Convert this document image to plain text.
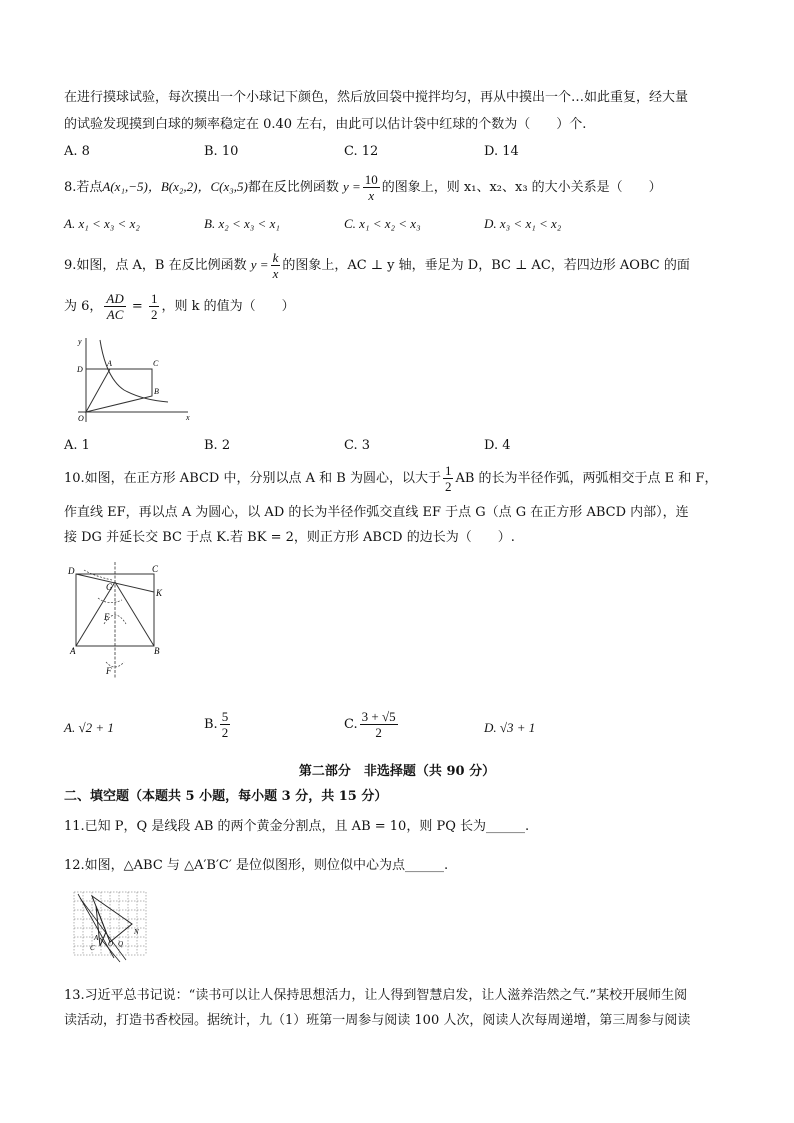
在进行摸球试验，每次摸出一个小球记下颜色，然后放回袋中搅拌均匀，再从中摸出一个…如此重复，经大量
的试验发现摸到白球的频率稳定在 0.40 左右，由此可以估计袋中红球的个数为（　　）个.
A. 8	B. 10	C. 12	D. 14
8.若点A(x₁,−5)，B(x₂,2)，C(x₃,5)都在反比例函数 $y = \frac{10}{x}$ 的图象上，则 x₁、x₂、x₃ 的大小关系是（　　）
A. x₁ < x₃ < x₂	B. x₂ < x₃ < x₁	C. x₁ < x₂ < x₃	D. x₃ < x₁ < x₂
9.如图，点 A，B 在反比例函数 $y = \frac{k}{x}$ 的图象上，AC ⊥ y 轴，垂足为 D，BC ⊥ AC，若四边形 AOBC 的面
为 6， $\frac{AD}{AC} = \frac{1}{2}$ ，则 k 的值为（　　）
y
x
O
A	C
D
B
A. 1	B. 2	C. 3	D. 4
10.如图，在正方形 ABCD 中，分别以点 A 和 B 为圆心，以大于 $\frac{1}{2}$ AB 的长为半径作弧，两弧相交于点 E 和 F，
作直线 EF，再以点 A 为圆心，以 AD 的长为半径作弧交直线 EF 于点 G（点 G 在正方形 ABCD 内部），连
接 DG 并延长交 BC 于点 K.若 BK = 2，则正方形 ABCD 的边长为（　　）.
D	C
G
K
E
A	B
F
A. √2 + 1	B. $\frac{5}{2}$	C. $\frac{3 + √5}{2}$	D. √3 + 1
第二部分　非选择题（共 90 分）
二、填空题（本题共 5 小题，每小题 3 分，共 15 分）
11.已知 P，Q 是线段 AB 的两个黄金分割点，且 AB = 10，则 PQ 长为______.
12.如图，△ABC 与 △A′B′C′ 是位似图形，则位似中心为点______.
A
C O Q
N
13.习近平总书记说：“读书可以让人保持思想活力，让人得到智慧启发，让人滋养浩然之气.”某校开展师生阅
读活动，打造书香校园。据统计，九（1）班第一周参与阅读 100 人次，阅读人次每周递增，第三周参与阅读
